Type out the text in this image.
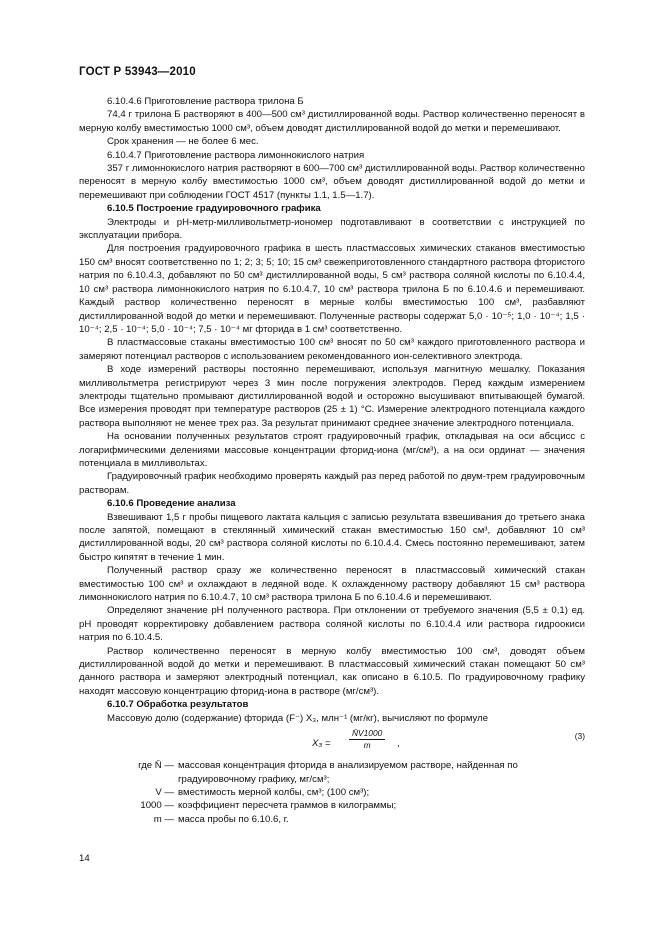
ГОСТ Р 53943—2010

6.10.4.6 Приготовление раствора трилона Б

74,4 г трилона Б растворяют в 400—500 см³ дистиллированной воды. Раствор количественно переносят в мерную колбу вместимостью 1000 см³, объем доводят дистиллированной водой до метки и перемешивают.

Срок хранения — не более 6 мес.

6.10.4.7 Приготовление раствора лимоннокислого натрия

357 г лимоннокислого натрия растворяют в 600—700 см³ дистиллированной воды. Раствор количественно переносят в мерную колбу вместимостью 1000 см³, объем доводят дистиллированной водой до метки и перемешивают при соблюдении ГОСТ 4517 (пункты 1.1, 1.5—1.7).

6.10.5 Построение градуировочного графика

Электроды и рН-метр-милливольтметр-иономер подготавливают в соответствии с инструкцией по эксплуатации прибора.

Для построения градуировочного графика в шесть пластмассовых химических стаканов вместимостью 150 см³ вносят соответственно по 1; 2; 3; 5; 10; 15 см³ свежеприготовленного стандартного раствора фтористого натрия по 6.10.4.3, добавляют по 50 см³ дистиллированной воды, 5 см³ раствора соляной кислоты по 6.10.4.4, 10 см³ раствора лимоннокислого натрия по 6.10.4.7, 10 см³ раствора трилона Б по 6.10.4.6 и перемешивают. Каждый раствор количественно переносят в мерные колбы вместимостью 100 см³, разбавляют дистиллированной водой до метки и перемешивают. Полученные растворы содержат 5,0 · 10⁻⁵; 1,0 · 10⁻⁴; 1,5 · 10⁻⁴; 2,5 · 10⁻⁴; 5,0 · 10⁻⁴; 7,5 · 10⁻⁴ мг фторида в 1 см³ соответственно.

В пластмассовые стаканы вместимостью 100 см³ вносят по 50 см³ каждого приготовленного раствора и замеряют потенциал растворов с использованием рекомендованного ион-селективного электрода.

В ходе измерений растворы постоянно перемешивают, используя магнитную мешалку. Показания милливольтметра регистрируют через 3 мин после погружения электродов. Перед каждым измерением электроды тщательно промывают дистиллированной водой и осторожно высушивают впитывающей бумагой. Все измерения проводят при температуре растворов (25 ± 1) °С. Измерение электродного потенциала каждого раствора выполняют не менее трех раз. За результат принимают среднее значение электродного потенциала.

На основании полученных результатов строят градуировочный график, откладывая на оси абсцисс с логарифмическими делениями массовые концентрации фторид-иона (мг/см³), а на оси ординат — значения потенциала в милливольтах.

Градуировочный график необходимо проверять каждый раз перед работой по двум-трем градуировочным растворам.

6.10.6 Проведение анализа

Взвешивают 1,5 г пробы пищевого лактата кальция с записью результата взвешивания до третьего знака после запятой, помещают в стеклянный химический стакан вместимостью 150 см³, добавляют 10 см³ дистиллированной воды, 20 см³ раствора соляной кислоты по 6.10.4.4. Смесь постоянно перемешивают, затем быстро кипятят в течение 1 мин.

Полученный раствор сразу же количественно переносят в пластмассовый химический стакан вместимостью 100 см³ и охлаждают в ледяной воде. К охлажденному раствору добавляют 15 см³ раствора лимоннокислого натрия по 6.10.4.7, 10 см³ раствора трилона Б по 6.10.4.6 и перемешивают.

Определяют значение рН полученного раствора. При отклонении от требуемого значения (5,5 ± 0,1) ед. рН проводят корректировку добавлением раствора соляной кислоты по 6.10.4.4 или раствора гидроокиси натрия по 6.10.4.5.

Раствор количественно переносят в мерную колбу вместимостью 100 см³, доводят объем дистиллированной водой до метки и перемешивают. В пластмассовый химический стакан помещают 50 см³ данного раствора и замеряют электродный потенциал, как описано в 6.10.5. По градуировочному графику находят массовую концентрацию фторид-иона в растворе (мг/см³).

6.10.7 Обработка результатов

Массовую долю (содержание) фторида (F⁻) X₃, млн⁻¹ (мг/кг), вычисляют по формуле

$X_3 = \frac{N̄V1000}{m}$ ,
(3)
где N̄ — массовая концентрация фторида в анализируемом растворе, найденная по градуировочному графику, мг/см³;
V — вместимость мерной колбы, см³; (100 см³);
1000 — коэффициент пересчета граммов в килограммы;
m — масса пробы по 6.10.6, г.
14
